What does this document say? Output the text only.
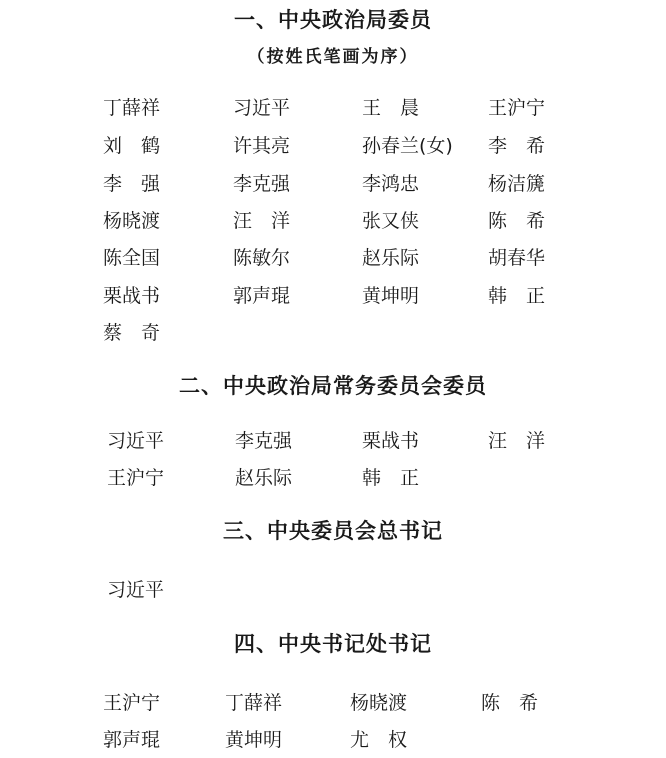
一、中央政治局委员
（按姓氏笔画为序）
丁薛祥	习近平	王　晨	王沪宁
刘　鹤	许其亮	孙春兰(女) 李　希
李　强	李克强	李鸿忠	杨洁篪
杨晓渡	汪　洋	张又侠	陈　希
陈全国	陈敏尔	赵乐际	胡春华
栗战书	郭声琨	黄坤明	韩　正
蔡　奇
二、中央政治局常务委员会委员
习近平	李克强	栗战书	汪　洋
王沪宁	赵乐际	韩　正
三、中央委员会总书记
习近平
四、中央书记处书记
王沪宁	丁薛祥	杨晓渡	陈　希
郭声琨	黄坤明	尤　权
